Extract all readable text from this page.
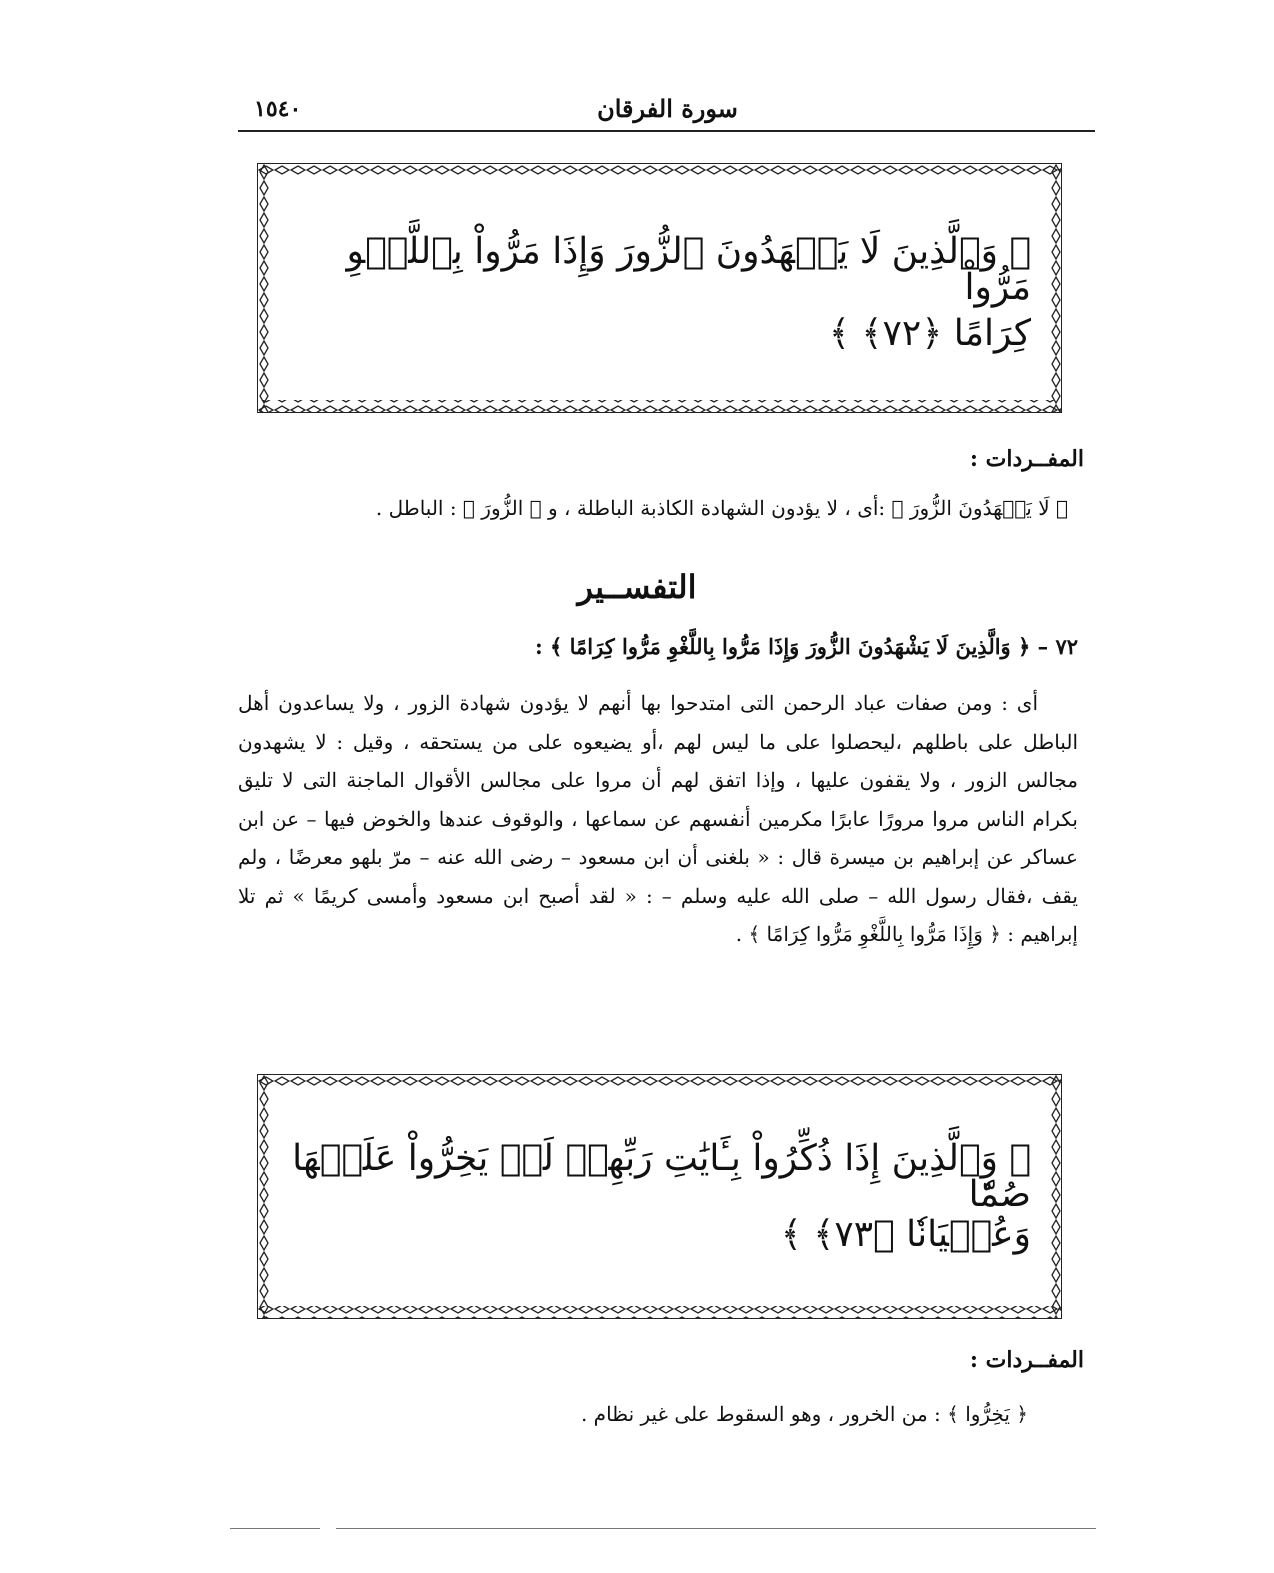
سورة الفرقان
١٥٤٠
﴿ وَٱلَّذِينَ لَا يَشۡهَدُونَ ٱلزُّورَ وَإِذَا مَرُّواْ بِٱللَّغۡوِ مَرُّواْ
كِرَامًا ﴿٧٢﴾ ﴾
المفــردات :
﴿ لَا يَشۡهَدُونَ الزُّورَ ﴾ :أى ، لا يؤدون الشهادة الكاذبة الباطلة ، و ﴿ الزُّورَ ﴾ : الباطل .
التفســير
٧٢ – ﴿ وَالَّذِينَ لَا يَشْهَدُونَ الزُّورَ وَإِذَا مَرُّوا بِاللَّغْوِ مَرُّوا كِرَامًا ﴾ :
أى : ومن صفات عباد الرحمن التى امتدحوا بها أنهم لا يؤدون شهادة الزور ، ولا يساعدون أهل الباطل على باطلهم ،ليحصلوا على ما ليس لهم ،أو يضيعوه على من يستحقه ، وقيل : لا يشهدون مجالس الزور ، ولا يقفون عليها ، وإذا اتفق لهم أن مروا على مجالس الأقوال الماجنة التى لا تليق بكرام الناس مروا مرورًا عابرًا مكرمين أنفسهم عن سماعها ، والوقوف عندها والخوض فيها – عن ابن عساكر عن إبراهيم بن ميسرة قال : « بلغنى أن ابن مسعود – رضى الله عنه – مرّ بلهو معرضًا ، ولم يقف ،فقال رسول الله – صلى الله عليه وسلم – : « لقد أصبح ابن مسعود وأمسى كريمًا » ثم تلا إبراهيم : ﴿ وَإِذَا مَرُّوا بِاللَّغْوِ مَرُّوا كِرَامًا ﴾ .
﴿ وَٱلَّذِينَ إِذَا ذُكِّرُواْ بِـَٔايَٰتِ رَبِّهِمۡ لَمۡ يَخِرُّواْ عَلَيۡهَا صُمّٗا
وَعُمۡيَانٗا ﴿٧٣﴾ ﴾
المفــردات :
﴿ يَخِرُّوا ﴾ : من الخرور ، وهو السقوط على غير نظام .
